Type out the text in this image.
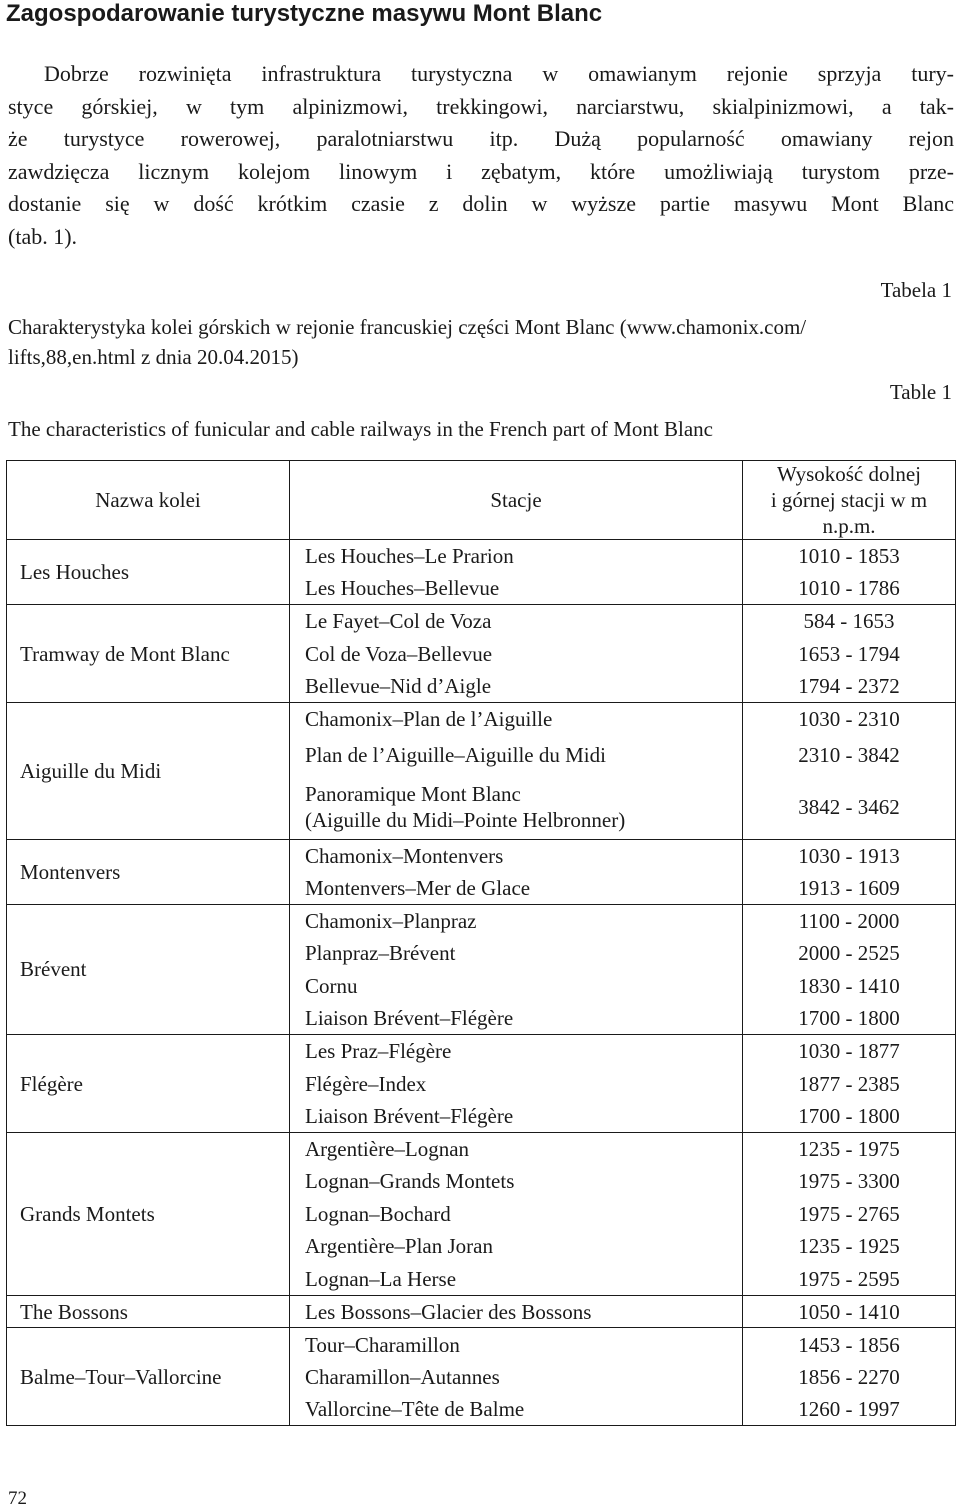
Zagospodarowanie turystyczne masywu Mont Blanc
Dobrze rozwinięta infrastruktura turystyczna w omawianym rejonie sprzyja tury-
styce górskiej, w tym alpinizmowi, trekkingowi, narciarstwu, skialpinizmowi, a tak-
że turystyce rowerowej, paralotniarstwu itp. Dużą popularność omawiany rejon
zawdzięcza licznym kolejom linowym i zębatym, które umożliwiają turystom prze-
dostanie się w dość krótkim czasie z dolin w wyższe partie masywu Mont Blanc
(tab. 1).
Tabela 1
Charakterystyka kolei górskich w rejonie francuskiej części Mont Blanc (www.chamonix.com/
lifts,88,en.html z dnia 20.04.2015)
Table 1
The characteristics of funicular and cable railways in the French part of Mont Blanc
Nazwa kolei	Stacje	Wysokość dolnej
i górnej stacji w m n.p.m.

Les Houches	Les Houches–Le Prarion	1010 - 1853
	Les Houches–Bellevue	1010 - 1786
Tramway de Mont Blanc	Le Fayet–Col de Voza	584 - 1653
	Col de Voza–Bellevue	1653 - 1794
	Bellevue–Nid d’Aigle	1794 - 2372
Aiguille du Midi	Chamonix–Plan de l’Aiguille	1030 - 2310
	Plan de l’Aiguille–Aiguille du Midi	2310 - 3842

	Panoramique Mont Blanc
(Aiguille du Midi–Pointe Helbronner)	3842 - 3462
Montenvers	Chamonix–Montenvers	1030 - 1913
	Montenvers–Mer de Glace	1913 - 1609
Brévent	Chamonix–Planpraz	1100 - 2000
	Planpraz–Brévent	2000 - 2525
	Cornu	1830 - 1410
	Liaison Brévent–Flégère	1700 - 1800
Flégère	Les Praz–Flégère	1030 - 1877
	Flégère–Index	1877 - 2385
	Liaison Brévent–Flégère	1700 - 1800
Grands Montets	Argentière–Lognan	1235 - 1975
	Lognan–Grands Montets	1975 - 3300
	Lognan–Bochard	1975 - 2765
	Argentière–Plan Joran	1235 - 1925
	Lognan–La Herse	1975 - 2595
The Bossons	Les Bossons–Glacier des Bossons	1050 - 1410
Balme–Tour–Vallorcine	Tour–Charamillon	1453 - 1856
	Charamillon–Autannes	1856 - 2270
	Vallorcine–Tête de Balme	1260 - 1997
72
